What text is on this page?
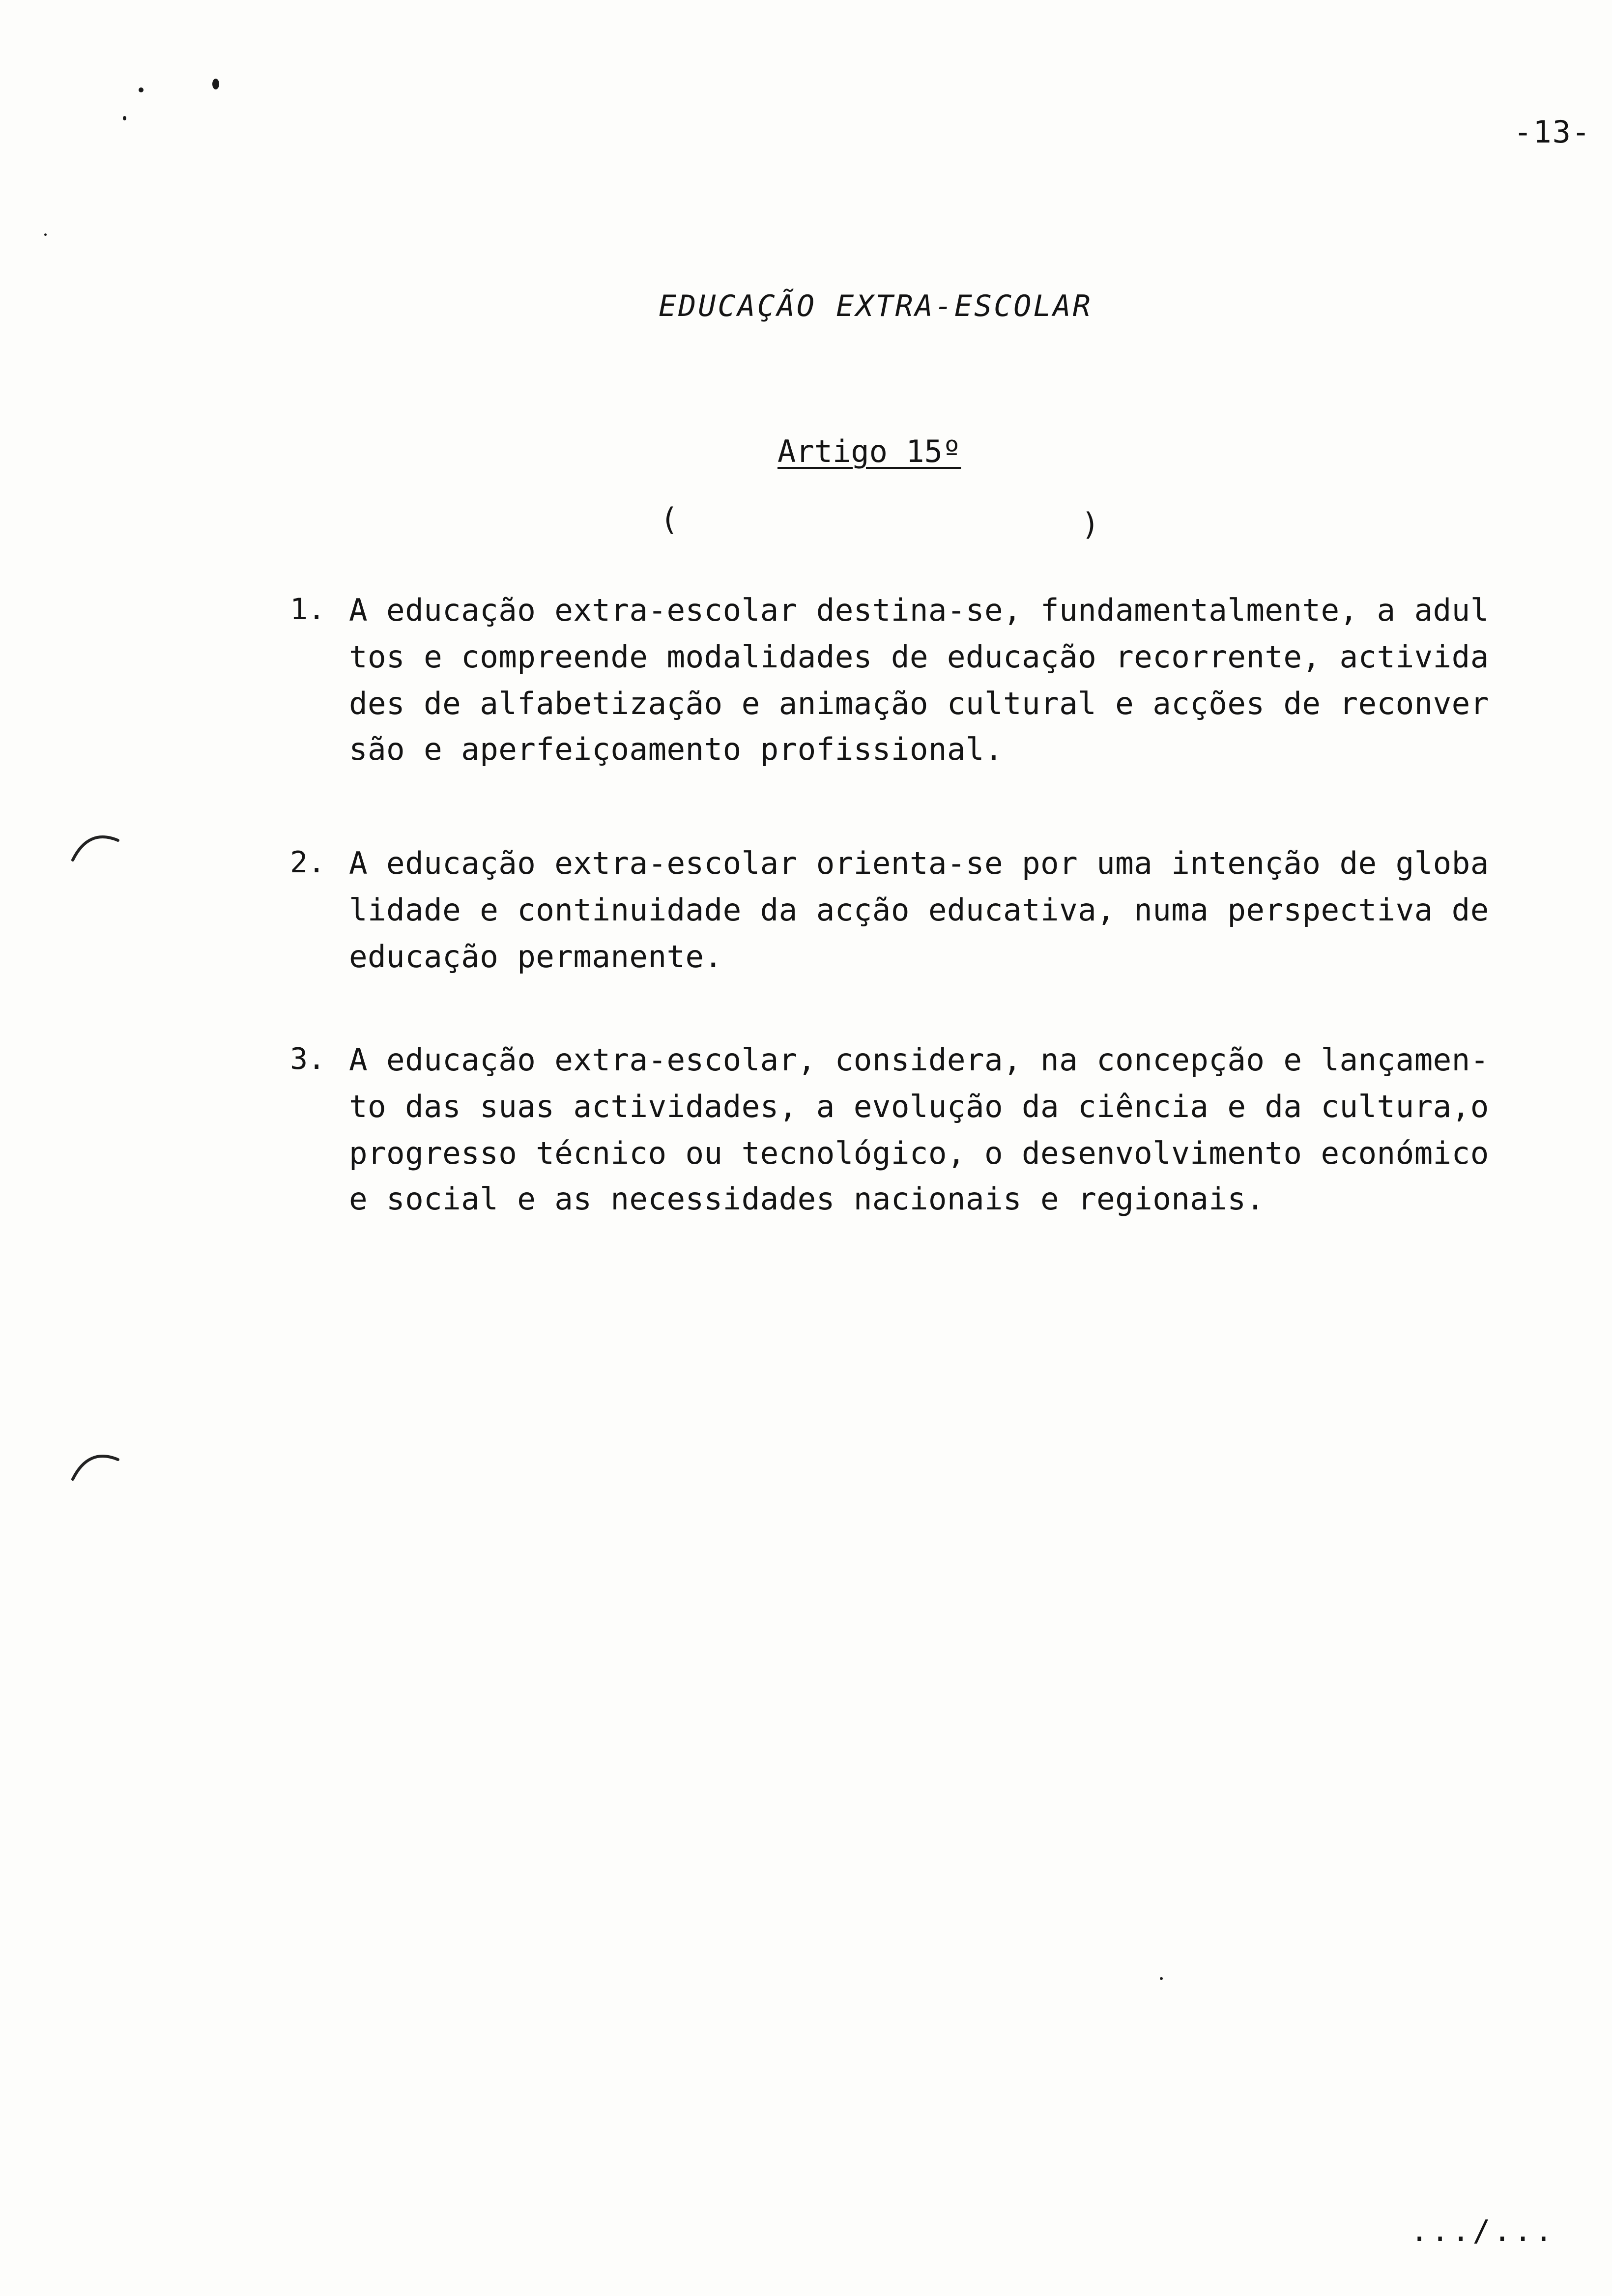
-13-
EDUCAÇÃO EXTRA-ESCOLAR
Artigo 15º
(	)
1. A educação extra-escolar destina-se, fundamentalmente, a adul
tos e compreende modalidades de educação recorrente, activida
des de alfabetização e animação cultural e acções de reconver
são e aperfeiçoamento profissional.
2. A educação extra-escolar orienta-se por uma intenção de globa
lidade e continuidade da acção educativa, numa perspectiva de
educação permanente.
3. A educação extra-escolar, considera, na concepção e lançamen-
to das suas actividades, a evolução da ciência e da cultura,o
progresso técnico ou tecnológico, o desenvolvimento económico
e social e as necessidades nacionais e regionais.
.../...
